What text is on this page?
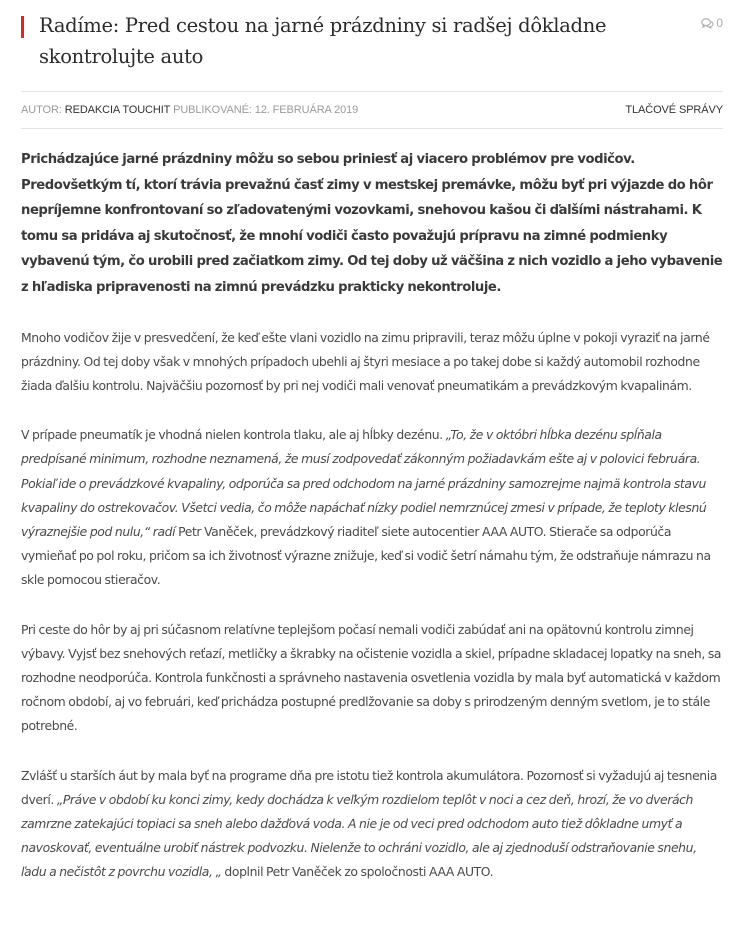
Radíme: Pred cestou na jarné prázdniny si radšej dôkladne skontrolujte auto
0
AUTOR: REDAKCIA TOUCHIT PUBLIKOVANÉ: 12. FEBRUÁRA 2019	TLAČOVÉ SPRÁVY

Prichádzajúce jarné prázdniny môžu so sebou priniesť aj viacero problémov pre vodičov. Predovšetkým tí, ktorí trávia prevažnú časť zimy v mestskej premávke, môžu byť pri výjazde do hôr nepríjemne konfrontovaní so zľadovatenými vozovkami, snehovou kašou či ďalšími nástrahami. K tomu sa pridáva aj skutočnosť, že mnohí vodiči často považujú prípravu na zimné podmienky vybavenú tým, čo urobili pred začiatkom zimy. Od tej doby už väčšina z nich vozidlo a jeho vybavenie z hľadiska pripravenosti na zimnú prevádzku prakticky nekontroluje.

Mnoho vodičov žije v presvedčení, že keď ešte vlani vozidlo na zimu pripravili, teraz môžu úplne v pokoji vyraziť na jarné prázdniny. Od tej doby však v mnohých prípadoch ubehli aj štyri mesiace a po takej dobe si každý automobil rozhodne žiada ďalšiu kontrolu. Najväčšiu pozornosť by pri nej vodiči mali venovať pneumatikám a prevádzkovým kvapalinám.

V prípade pneumatík je vhodná nielen kontrola tlaku, ale aj hĺbky dezénu. „To, že v októbri hĺbka dezénu spĺňala predpísané minimum, rozhodne neznamená, že musí zodpovedať zákonným požiadavkám ešte aj v polovici februára. Pokiaľ ide o prevádzkové kvapaliny, odporúča sa pred odchodom na jarné prázdniny samozrejme najmä kontrola stavu kvapaliny do ostrekovačov. Všetci vedia, čo môže napáchať nízky podiel nemrznúcej zmesi v prípade, že teploty klesnú výraznejšie pod nulu,“ radí Petr Vaněček, prevádzkový riaditeľ siete autocentier AAA AUTO. Stierače sa odporúča vymieňať po pol roku, pričom sa ich životnosť výrazne znižuje, keď si vodič šetrí námahu tým, že odstraňuje námrazu na skle pomocou stieračov.

Pri ceste do hôr by aj pri súčasnom relatívne teplejšom počasí nemali vodiči zabúdať ani na opätovnú kontrolu zimnej výbavy. Vyjsť bez snehových reťazí, metličky a škrabky na očistenie vozidla a skiel, prípadne skladacej lopatky na sneh, sa rozhodne neodporúča. Kontrola funkčnosti a správneho nastavenia osvetlenia vozidla by mala byť automatická v každom ročnom období, aj vo februári, keď prichádza postupné predlžovanie sa doby s prirodzeným denným svetlom, je to stále potrebné.

Zvlášť u starších áut by mala byť na programe dňa pre istotu tiež kontrola akumulátora. Pozornosť si vyžadujú aj tesnenia dverí. „Práve v období ku konci zimy, kedy dochádza k veľkým rozdielom teplôt v noci a cez deň, hrozí, že vo dverách zamrzne zatekajúci topiaci sa sneh alebo dažďová voda. A nie je od veci pred odchodom auto tiež dôkladne umyť a navoskovať, eventuálne urobiť nástrek podvozku. Nielenže to ochráni vozidlo, ale aj zjednoduší odstraňovanie snehu, ľadu a nečistôt z povrchu vozidla, „ doplnil Petr Vaněček zo spoločnosti AAA AUTO.
